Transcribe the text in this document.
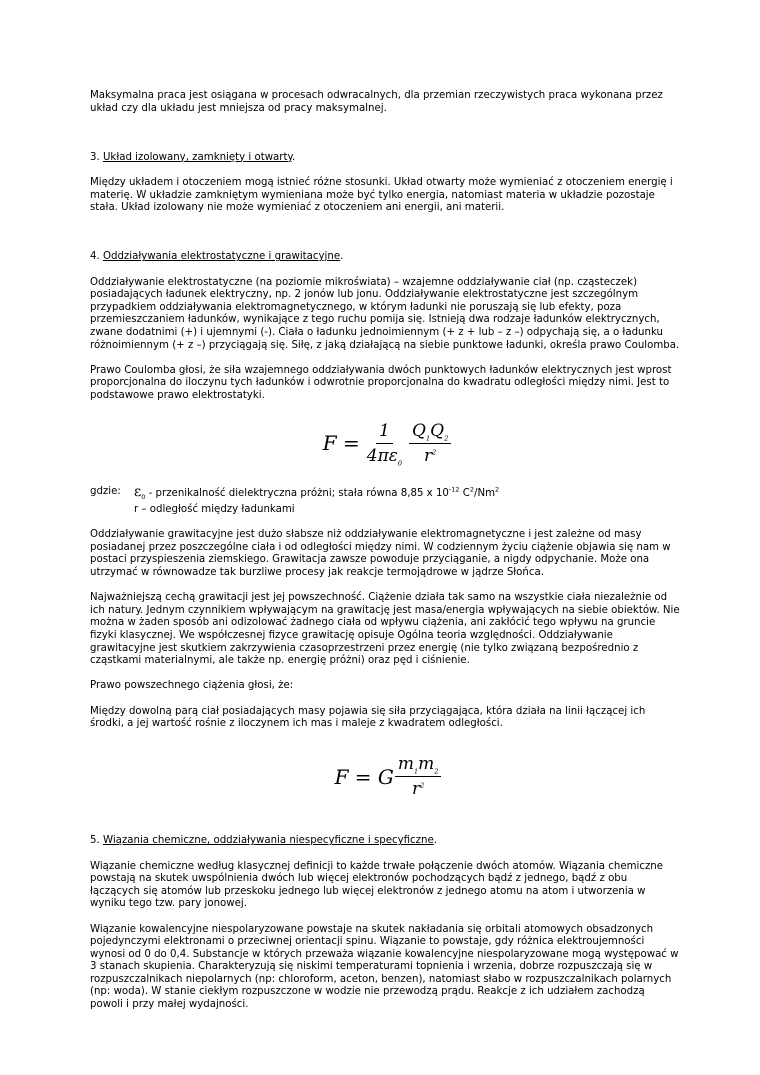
Maksymalna praca jest osiągana w procesach odwracalnych, dla przemian rzeczywistych praca wykonana przez układ czy dla układu jest mniejsza od pracy maksymalnej.

3. Układ izolowany, zamknięty i otwarty.

Między układem i otoczeniem mogą istnieć różne stosunki. Układ otwarty może wymieniać z otoczeniem energię i materię. W układzie zamkniętym wymieniana może być tylko energia, natomiast materia w układzie pozostaje stała. Układ izolowany nie może wymieniać z otoczeniem ani energii, ani materii.

4. Oddziaływania elektrostatyczne i grawitacyjne.

Oddziaływanie elektrostatyczne (na poziomie mikroświata) – wzajemne oddziaływanie ciał (np. cząsteczek) posiadających ładunek elektryczny, np. 2 jonów lub jonu. Oddziaływanie elektrostatyczne jest szczególnym przypadkiem oddziaływania elektromagnetycznego, w którym ładunki nie poruszają się lub efekty, poza przemieszczaniem ładunków, wynikające z tego ruchu pomija się. Istnieją dwa rodzaje ładunków elektrycznych, zwane dodatnimi (+) i ujemnymi (-). Ciała o ładunku jednoimiennym (+ z + lub – z –) odpychają się, a o ładunku różnoimiennym (+ z –) przyciągają się. Siłę, z jaką działającą na siebie punktowe ładunki, określa prawo Coulomba.

Prawo Coulomba głosi, że siła wzajemnego oddziaływania dwóch punktowych ładunków elektrycznych jest wprost proporcjonalna do iloczynu tych ładunków i odwrotnie proporcjonalna do kwadratu odległości między nimi. Jest to podstawowe prawo elektrostatyki.

$F = \frac{1}{4\pi\varepsilon_0} \frac{Q_1Q_2}{r^2}$

gdzie: $\varepsilon_0$ - przenikalność dielektryczna próżni; stała równa 8,85 x $10^{-12}$ $C^2/Nm^2$

r – odległość między ładunkami

Oddziaływanie grawitacyjne jest dużo słabsze niż oddziaływanie elektromagnetyczne i jest zależne od masy posiadanej przez poszczególne ciała i od odległości między nimi. W codziennym życiu ciążenie objawia się nam w postaci przyspieszenia ziemskiego. Grawitacja zawsze powoduje przyciąganie, a nigdy odpychanie. Może ona utrzymać w równowadze tak burzliwe procesy jak reakcje termojądrowe w jądrze Słońca.

Najważniejszą cechą grawitacji jest jej powszechność. Ciążenie działa tak samo na wszystkie ciała niezależnie od ich natury. Jednym czynnikiem wpływającym na grawitację jest masa/energia wpływających na siebie obiektów. Nie można w żaden sposób ani odizolować żadnego ciała od wpływu ciążenia, ani zakłócić tego wpływu na gruncie fizyki klasycznej. We współczesnej fizyce grawitację opisuje Ogólna teoria względności. Oddziaływanie grawitacyjne jest skutkiem zakrzywienia czasoprzestrzeni przez energię (nie tylko związaną bezpośrednio z cząstkami materialnymi, ale także np. energię próżni) oraz pęd i ciśnienie.

Prawo powszechnego ciążenia głosi, że:

Między dowolną parą ciał posiadających masy pojawia się siła przyciągająca, która działa na linii łączącej ich środki, a jej wartość rośnie z iloczynem ich mas i maleje z kwadratem odległości.

F = G $\frac{m_1m_2}{r^2}$

5. Wiązania chemiczne, oddziaływania niespecyficzne i specyficzne.

Wiązanie chemiczne według klasycznej definicji to każde trwałe połączenie dwóch atomów. Wiązania chemiczne powstają na skutek uwspólnienia dwóch lub więcej elektronów pochodzących bądź z jednego, bądź z obu łączących się atomów lub przeskoku jednego lub więcej elektronów z jednego atomu na atom i utworzenia w wyniku tego tzw. pary jonowej.

Wiązanie kowalencyjne niespolaryzowane powstaje na skutek nakładania się orbitali atomowych obsadzonych pojedynczymi elektronami o przeciwnej orientacji spinu. Wiązanie to powstaje, gdy różnica elektroujemności wynosi od 0 do 0,4. Substancje w których przeważa wiązanie kowalencyjne niespolaryzowane mogą występować w 3 stanach skupienia. Charakteryzują się niskimi temperaturami topnienia i wrzenia, dobrze rozpuszczają się w rozpuszczalnikach niepolarnych (np: chloroform, aceton, benzen), natomiast słabo w rozpuszczalnikach polarnych (np: woda). W stanie ciekłym rozpuszczone w wodzie nie przewodzą prądu. Reakcje z ich udziałem zachodzą powoli i przy małej wydajności.
